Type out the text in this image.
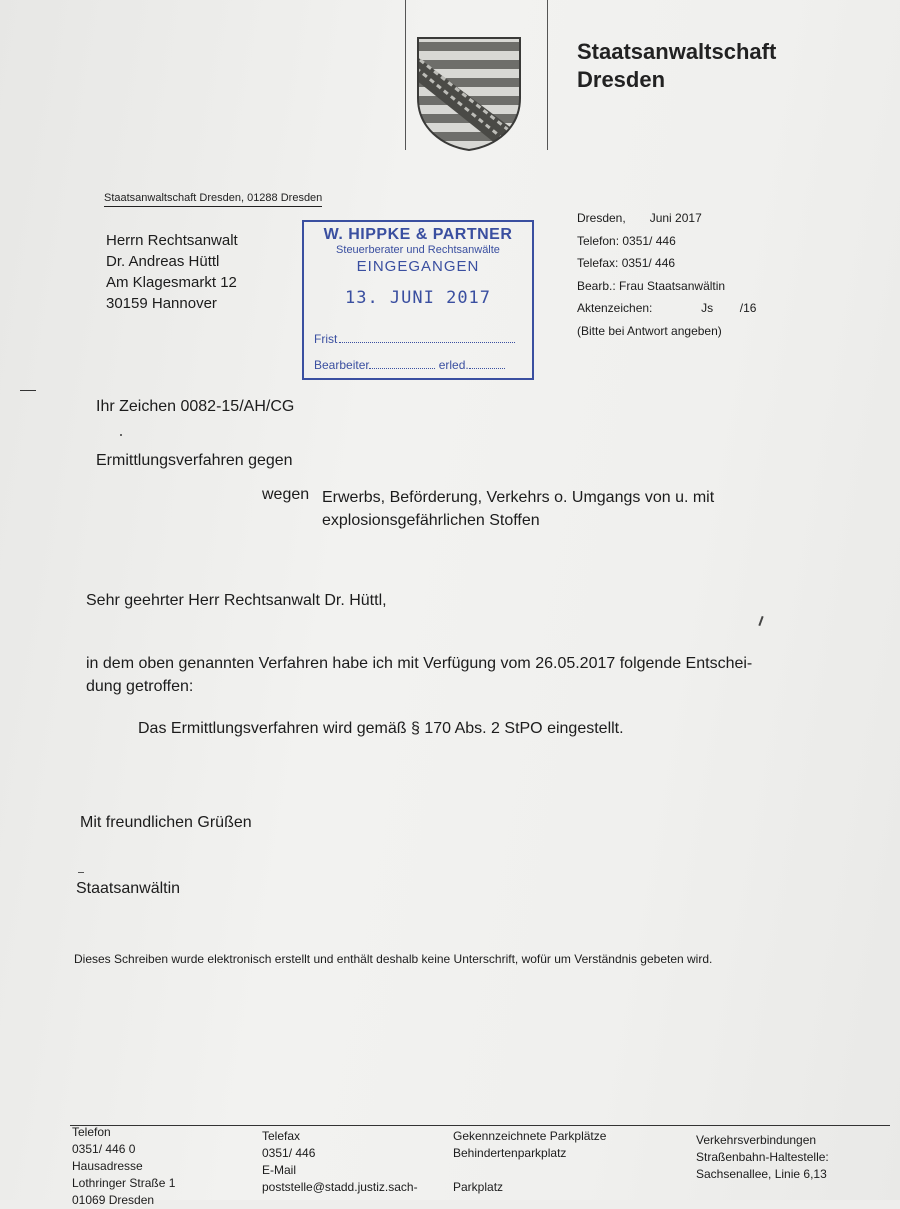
Staatsanwaltschaft
Dresden
Staatsanwaltschaft Dresden, 01288 Dresden
Herrn Rechtsanwalt
Dr. Andreas Hüttl
Am Klagesmarkt 12
30159 Hannover
W. HIPPKE & PARTNER
Steuerberater und Rechtsanwälte
EINGEGANGEN
13. JUNI 2017
Frist
Bearbeiter	erled.
Dresden, Juni 2017
Telefon: 0351/ 446
Telefax: 0351/ 446
Bearb.: Frau Staatsanwältin
Aktenzeichen:	Js        /16
(Bitte bei Antwort angeben)
Ihr Zeichen 0082-15/AH/CG
Ermittlungsverfahren gegen
wegen Erwerbs, Beförderung, Verkehrs o. Umgangs von u. mit
explosionsgefährlichen Stoffen
Sehr geehrter Herr Rechtsanwalt Dr. Hüttl,
in dem oben genannten Verfahren habe ich mit Verfügung vom 26.05.2017 folgende Entschei-
dung getroffen:
Das Ermittlungsverfahren wird gemäß § 170 Abs. 2 StPO eingestellt.
Mit freundlichen Grüßen
Staatsanwältin
Dieses Schreiben wurde elektronisch erstellt und enthält deshalb keine Unterschrift, wofür um Verständnis gebeten wird.
Telefon
0351/ 446 0
Hausadresse
Lothringer Straße 1
01069 Dresden
Telefax
0351/ 446
E-Mail
poststelle@stadd.justiz.sach-
Gekennzeichnete Parkplätze
Behindertenparkplatz
Parkplatz
Verkehrsverbindungen
Straßenbahn-Haltestelle:
Sachsenallee, Linie 6,13
